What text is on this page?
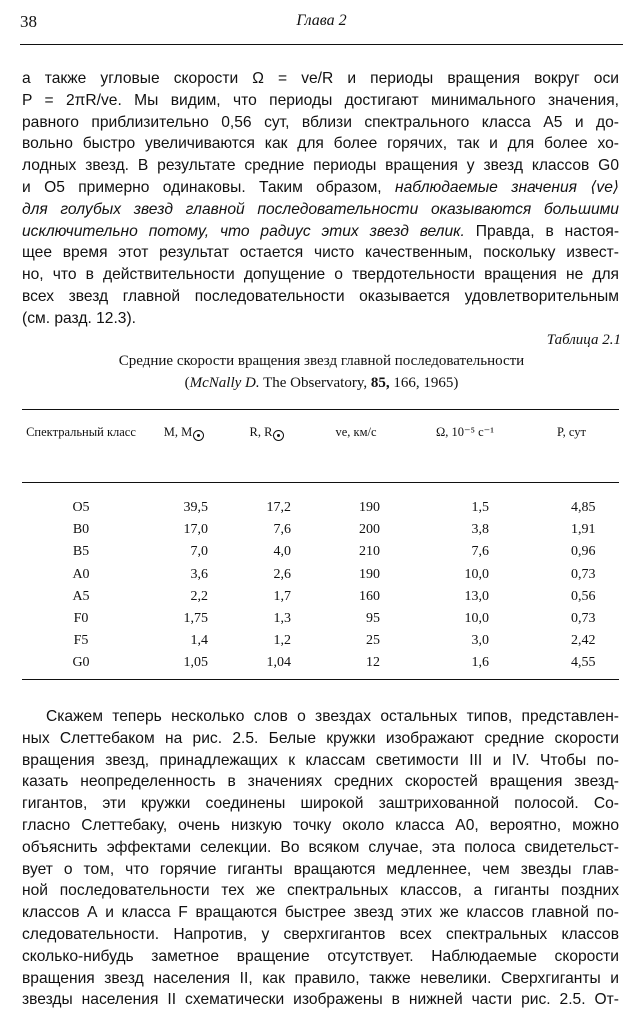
38	Глава 2
а также угловые скорости Ω = ve/R и периоды вращения вокруг оси
P = 2πR/ve. Мы видим, что периоды достигают минимального значения,
равного приблизительно 0,56 сут, вблизи спектрального класса А5 и до-
вольно быстро увеличиваются как для более горячих, так и для более хо-
лодных звезд. В результате средние периоды вращения у звезд классов G0
и О5 примерно одинаковы. Таким образом, наблюдаемые значения ⟨ve⟩
для голубых звезд главной последовательности оказываются большими
исключительно потому, что радиус этих звезд велик. Правда, в настоя-
щее время этот результат остается чисто качественным, поскольку извест-
но, что в действительности допущение о твердотельности вращения не для
всех звезд главной последовательности оказывается удовлетворительным
(см. разд. 12.3).
Таблица 2.1
Средние скорости вращения звезд главной последовательности
(McNally D. The Observatory, 85, 166, 1965)
Спектральный класс	M, M	R, R	ve, км/с	Ω, 10⁻⁵ c⁻¹	P, сут
O5	39,5	17,2	190	1,5	4,85
B0	17,0	7,6	200	3,8	1,91
B5	7,0	4,0	210	7,6	0,96
A0	3,6	2,6	190	10,0	0,73
A5	2,2	1,7	160	13,0	0,56
F0	1,75	1,3	95	10,0	0,73
F5	1,4	1,2	25	3,0	2,42
G0	1,05	1,04	12	1,6	4,55
Скажем теперь несколько слов о звездах остальных типов, представлен-
ных Слеттебаком на рис. 2.5. Белые кружки изображают средние скорости
вращения звезд, принадлежащих к классам светимости III и IV. Чтобы по-
казать неопределенность в значениях средних скоростей вращения звезд-
гигантов, эти кружки соединены широкой заштрихованной полосой. Со-
гласно Слеттебаку, очень низкую точку около класса А0, вероятно, можно
объяснить эффектами селекции. Во всяком случае, эта полоса свидетельст-
вует о том, что горячие гиганты вращаются медленнее, чем звезды глав-
ной последовательности тех же спектральных классов, а гиганты поздних
классов А и класса F вращаются быстрее звезд этих же классов главной по-
следовательности. Напротив, у сверхгигантов всех спектральных классов
сколько-нибудь заметное вращение отсутствует. Наблюдаемые скорости
вращения звезд населения II, как правило, также невелики. Сверхгиганты и
звезды населения II схематически изображены в нижней части рис. 2.5. От-
